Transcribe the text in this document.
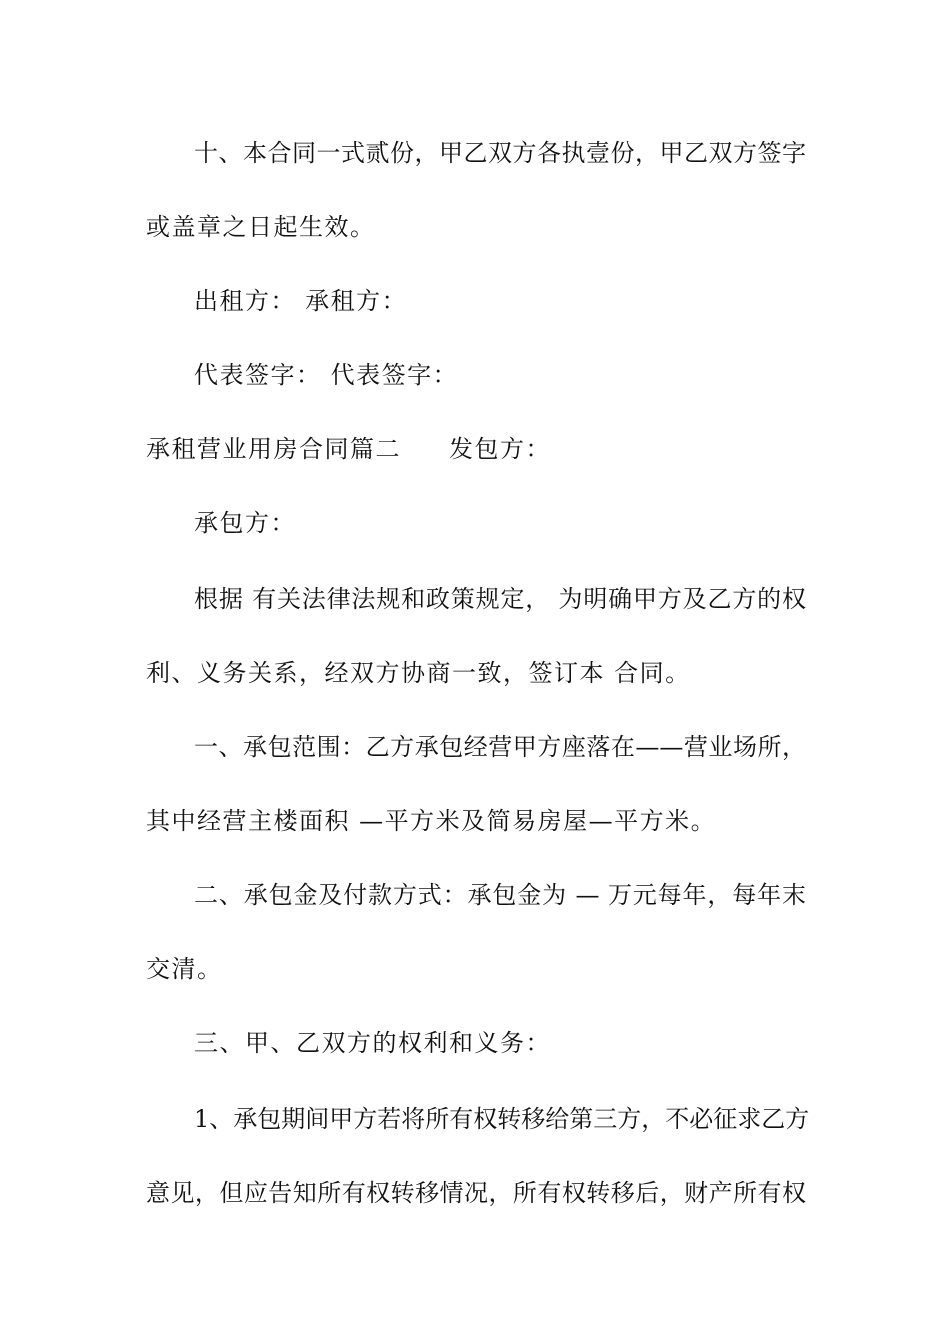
十、本合同一式贰份，甲乙双方各执壹份，甲乙双方签字
或盖章之日起生效。
出租方： 承租方：
代表签字： 代表签字：
承租营业用房合同篇二 发包方：
承包方：
根据 有关法律法规和政策规定， 为明确甲方及乙方的权
利、义务关系，经双方协商一致，签订本 合同。
一、承包范围：乙方承包经营甲方座落在——营业场所，
其中经营主楼面积 —平方米及简易房屋—平方米。
二、承包金及付款方式：承包金为 — 万元每年，每年末
交清。
三、甲、乙双方的权利和义务：
1、承包期间甲方若将所有权转移给第三方，不必征求乙方
意见，但应告知所有权转移情况，所有权转移后，财产所有权
